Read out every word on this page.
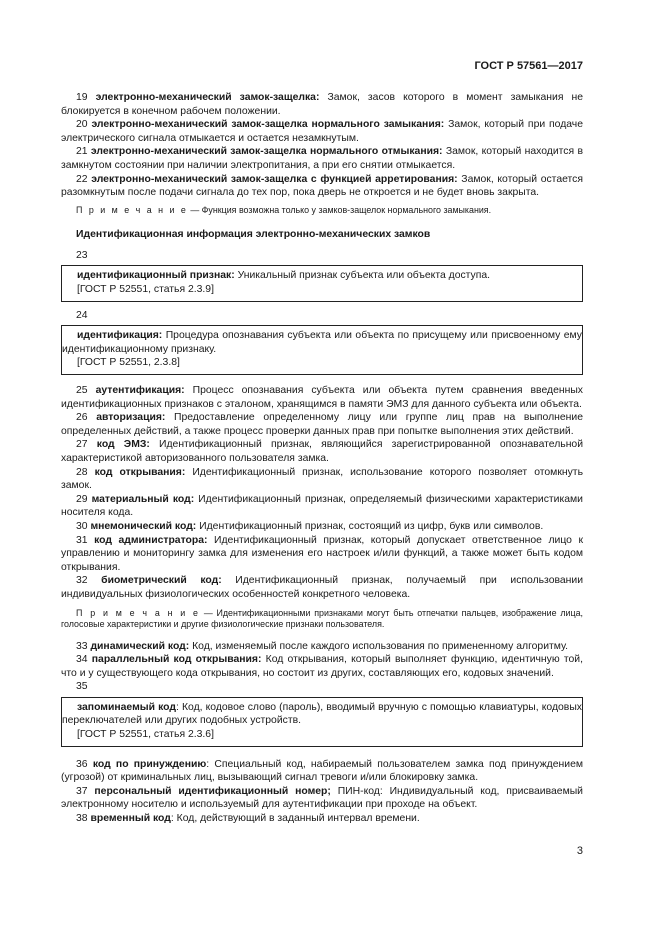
ГОСТ Р 57561—2017

19 электронно-механический замок-защелка: Замок, засов которого в момент замыкания не блокируется в конечном рабочем положении.

20 электронно-механический замок-защелка нормального замыкания: Замок, который при подаче электрического сигнала отмыкается и остается незамкнутым.

21 электронно-механический замок-защелка нормального отмыкания: Замок, который находится в замкнутом состоянии при наличии электропитания, а при его снятии отмыкается.

22 электронно-механический замок-защелка с функцией арретирования: Замок, который остается разомкнутым после подачи сигнала до тех пор, пока дверь не откроется и не будет вновь закрыта.

П р и м е ч а н и е — Функция возможна только у замков-защелок нормального замыкания.

Идентификационная информация электронно-механических замков

23

идентификационный признак: Уникальный признак субъекта или объекта доступа.

[ГОСТ Р 52551, статья 2.3.9]

24

идентификация: Процедура опознавания субъекта или объекта по присущему или присвоенному ему идентификационному признаку.

[ГОСТ Р 52551, 2.3.8]

25 аутентификация: Процесс опознавания субъекта или объекта путем сравнения введенных идентификационных признаков с эталоном, хранящимся в памяти ЭМЗ для данного субъекта или объекта.

26 авторизация: Предоставление определенному лицу или группе лиц прав на выполнение определенных действий, а также процесс проверки данных прав при попытке выполнения этих действий.

27 код ЭМЗ: Идентификационный признак, являющийся зарегистрированной опознавательной характеристикой авторизованного пользователя замка.

28 код открывания: Идентификационный признак, использование которого позволяет отомкнуть замок.

29 материальный код: Идентификационный признак, определяемый физическими характеристиками носителя кода.

30 мнемонический код: Идентификационный признак, состоящий из цифр, букв или символов.

31 код администратора: Идентификационный признак, который допускает ответственное лицо к управлению и мониторингу замка для изменения его настроек и/или функций, а также может быть кодом открывания.

32 биометрический код: Идентификационный признак, получаемый при использовании индивидуальных физиологических особенностей конкретного человека.

П р и м е ч а н и е — Идентификационными признаками могут быть отпечатки пальцев, изображение лица, голосовые характеристики и другие физиологические признаки пользователя.

33 динамический код: Код, изменяемый после каждого использования по примененному алгоритму.

34 параллельный код открывания: Код открывания, который выполняет функцию, идентичную той, что и у существующего кода открывания, но состоит из других, составляющих его, кодовых значений.

35

запоминаемый код: Код, кодовое слово (пароль), вводимый вручную с помощью клавиатуры, кодовых переключателей или других подобных устройств.

[ГОСТ Р 52551, статья 2.3.6]

36 код по принуждению: Специальный код, набираемый пользователем замка под принуждением (угрозой) от криминальных лиц, вызывающий сигнал тревоги и/или блокировку замка.

37 персональный идентификационный номер; ПИН-код: Индивидуальный код, присваиваемый электронному носителю и используемый для аутентификации при проходе на объект.

38 временный код: Код, действующий в заданный интервал времени.

3
